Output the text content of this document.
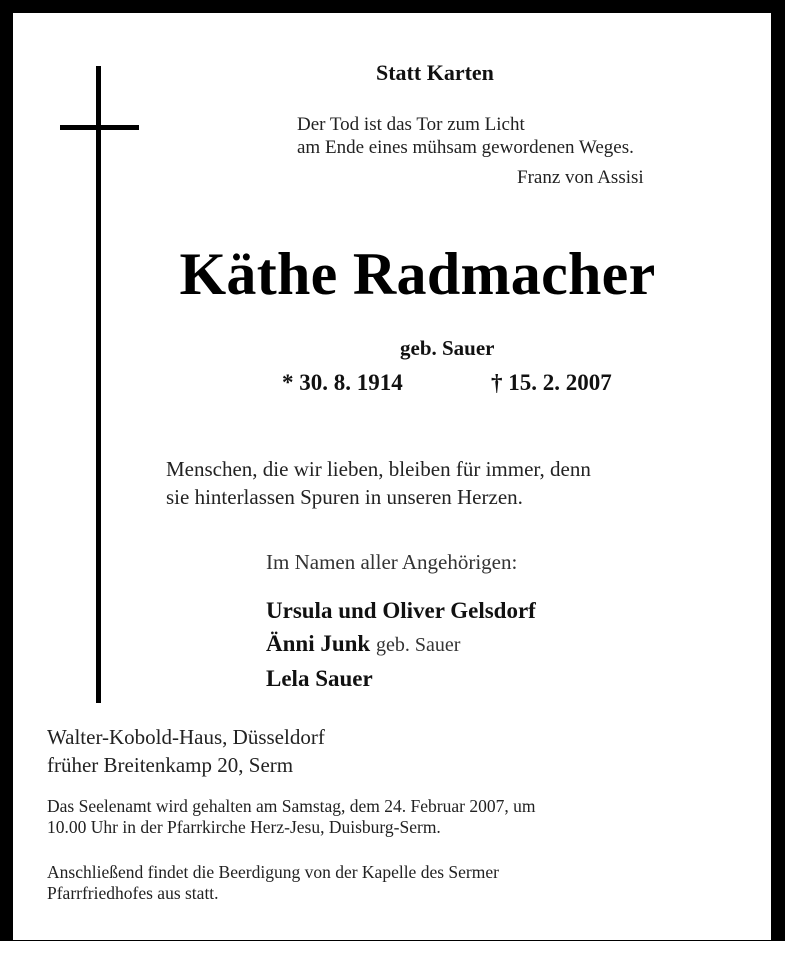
Statt Karten
Der Tod ist das Tor zum Licht
am Ende eines mühsam gewordenen Weges.
Franz von Assisi
Käthe Radmacher
geb. Sauer
* 30. 8. 1914	† 15. 2. 2007
Menschen, die wir lieben, bleiben für immer, denn
sie hinterlassen Spuren in unseren Herzen.
Im Namen aller Angehörigen:
Ursula und Oliver Gelsdorf
Änni Junk geb. Sauer
Lela Sauer
Walter-Kobold-Haus, Düsseldorf
früher Breitenkamp 20, Serm
Das Seelenamt wird gehalten am Samstag, dem 24. Februar 2007, um
10.00 Uhr in der Pfarrkirche Herz-Jesu, Duisburg-Serm.
Anschließend findet die Beerdigung von der Kapelle des Sermer
Pfarrfriedhofes aus statt.
